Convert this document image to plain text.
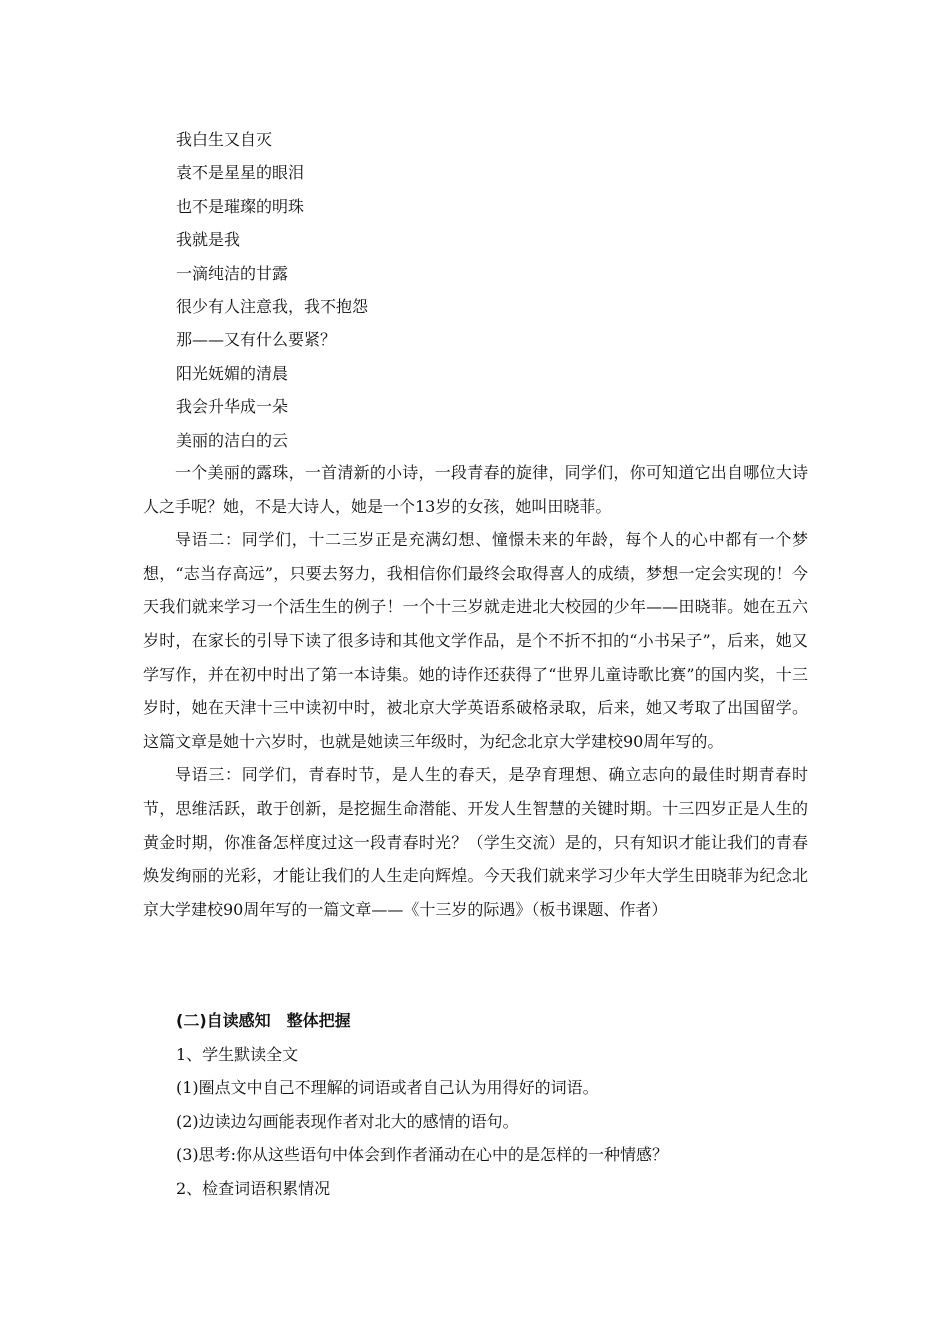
我白生又自灭
袁不是星星的眼泪
也不是璀璨的明珠
我就是我
一滴纯洁的甘露
很少有人注意我，我不抱怨
那——又有什么要紧？
阳光妩媚的清晨
我会升华成一朵
美丽的洁白的云

一个美丽的露珠，一首清新的小诗，一段青春的旋律，同学们，你可知道它出自哪位大诗人之手呢？她，不是大诗人，她是一个13岁的女孩，她叫田晓菲。

导语二：同学们，十二三岁正是充满幻想、憧憬未来的年龄，每个人的心中都有一个梦想，“志当存高远”，只要去努力，我相信你们最终会取得喜人的成绩，梦想一定会实现的！今天我们就来学习一个活生生的例子！一个十三岁就走进北大校园的少年——田晓菲。她在五六岁时，在家长的引导下读了很多诗和其他文学作品，是个不折不扣的“小书呆子”，后来，她又学写作，并在初中时出了第一本诗集。她的诗作还获得了“世界儿童诗歌比赛”的国内奖，十三岁时，她在天津十三中读初中时，被北京大学英语系破格录取，后来，她又考取了出国留学。这篇文章是她十六岁时，也就是她读三年级时，为纪念北京大学建校90周年写的。

导语三：同学们，青春时节，是人生的春天，是孕育理想、确立志向的最佳时期青春时节，思维活跃，敢于创新，是挖掘生命潜能、开发人生智慧的关键时期。十三四岁正是人生的黄金时期，你准备怎样度过这一段青春时光？（学生交流）是的，只有知识才能让我们的青春焕发绚丽的光彩，才能让我们的人生走向辉煌。今天我们就来学习少年大学生田晓菲为纪念北京大学建校90周年写的一篇文章——《十三岁的际遇》（板书课题、作者）

(二)自读感知　整体把握
1、学生默读全文
(1)圈点文中自己不理解的词语或者自己认为用得好的词语。
(2)边读边勾画能表现作者对北大的感情的语句。
(3)思考:你从这些语句中体会到作者涌动在心中的是怎样的一种情感？
2、检查词语积累情况
